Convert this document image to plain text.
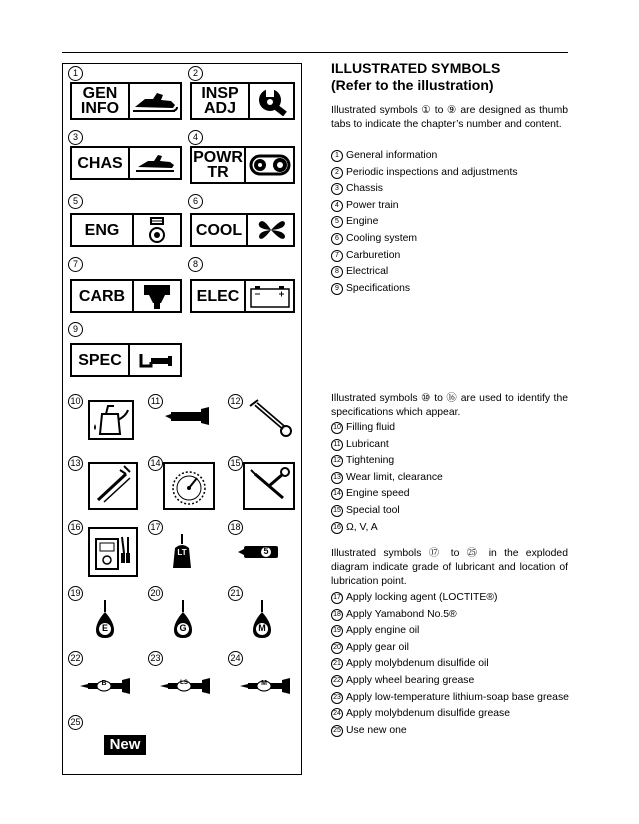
1	2
3	4
5	6
7	8
9
GEN
INFO
INSP
ADJ
CHAS	POWR
TR
ENG	COOL
CARB	ELEC
SPEC
10	11	12
13	14	15
16	17	18
LT	5
19	20	21
E	G	M
22	23	24
B	LS	M
25
New
ILLUSTRATED SYMBOLS
(Refer to the illustration)
Illustrated symbols ① to ⑨ are designed as thumb tabs to indicate the chapter’s number and content.
1 General information
2 Periodic inspections and adjustments
3 Chassis
4 Power train
5 Engine
6 Cooling system
7 Carburetion
8 Electrical
9 Specifications
Illustrated symbols ⑩ to ⑯ are used to identify the specifications which appear.
10 Filling fluid
11 Lubricant
12 Tightening
13 Wear limit, clearance
14 Engine speed
15 Special tool
16 Ω, V, A
Illustrated symbols ⑰ to ㉕ in the exploded diagram indicate grade of lubricant and location of lubrication point.
17 Apply locking agent (LOCTITE®)
18 Apply Yamabond No.5®
19 Apply engine oil
20 Apply gear oil
21 Apply molybdenum disulfide oil
22 Apply wheel bearing grease
23 Apply low-temperature lithium-soap base grease
24 Apply molybdenum disulfide grease
25 Use new one
